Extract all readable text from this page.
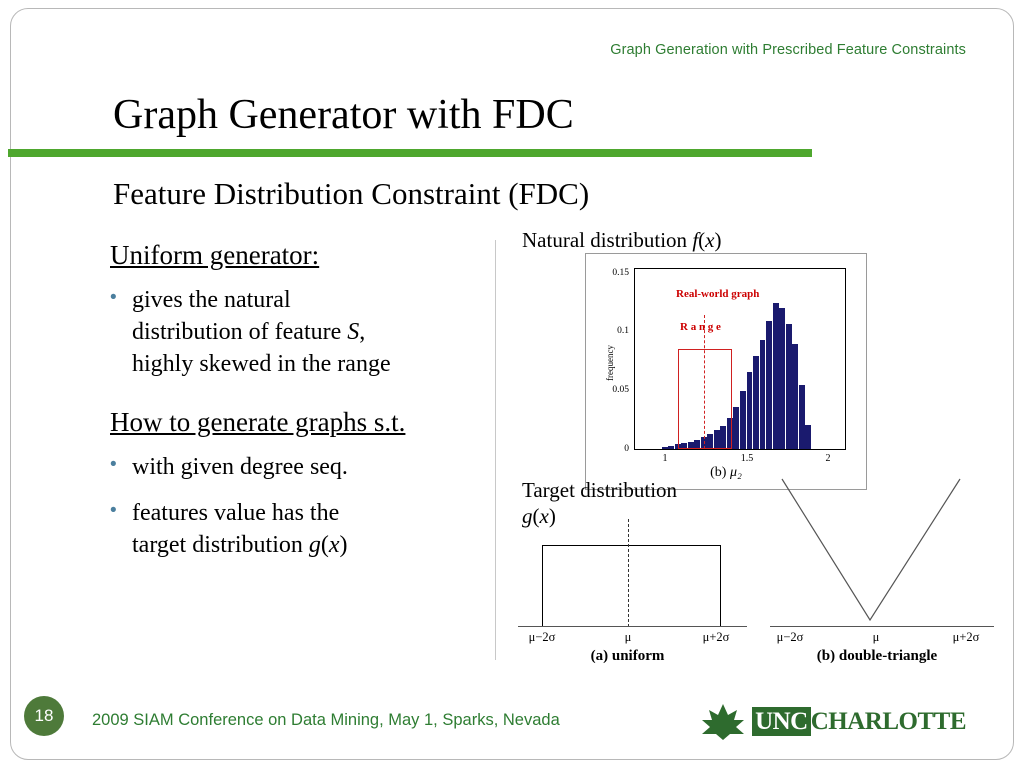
Graph Generation with Prescribed Feature Constraints
Graph Generator with FDC
Feature Distribution Constraint (FDC)
Uniform generator:
• gives the natural
distribution of feature S,
highly skewed in the range
How to generate graphs s.t.
• with given degree seq.
• features value has the
target distribution g(x)
Natural distribution f(x)
frequency
0
0.05
0.1
0.15
1	1.5	2
R a n g e
Real-world graph
(b) μ₂
Target distribution
g(x)
μ−2σ	μ	μ+2σ
(a) uniform
μ−2σ	μ	μ+2σ
(b) double-triangle
18	2009 SIAM Conference on Data Mining, May 1, Sparks, Nevada	UNC CHARLOTTE
